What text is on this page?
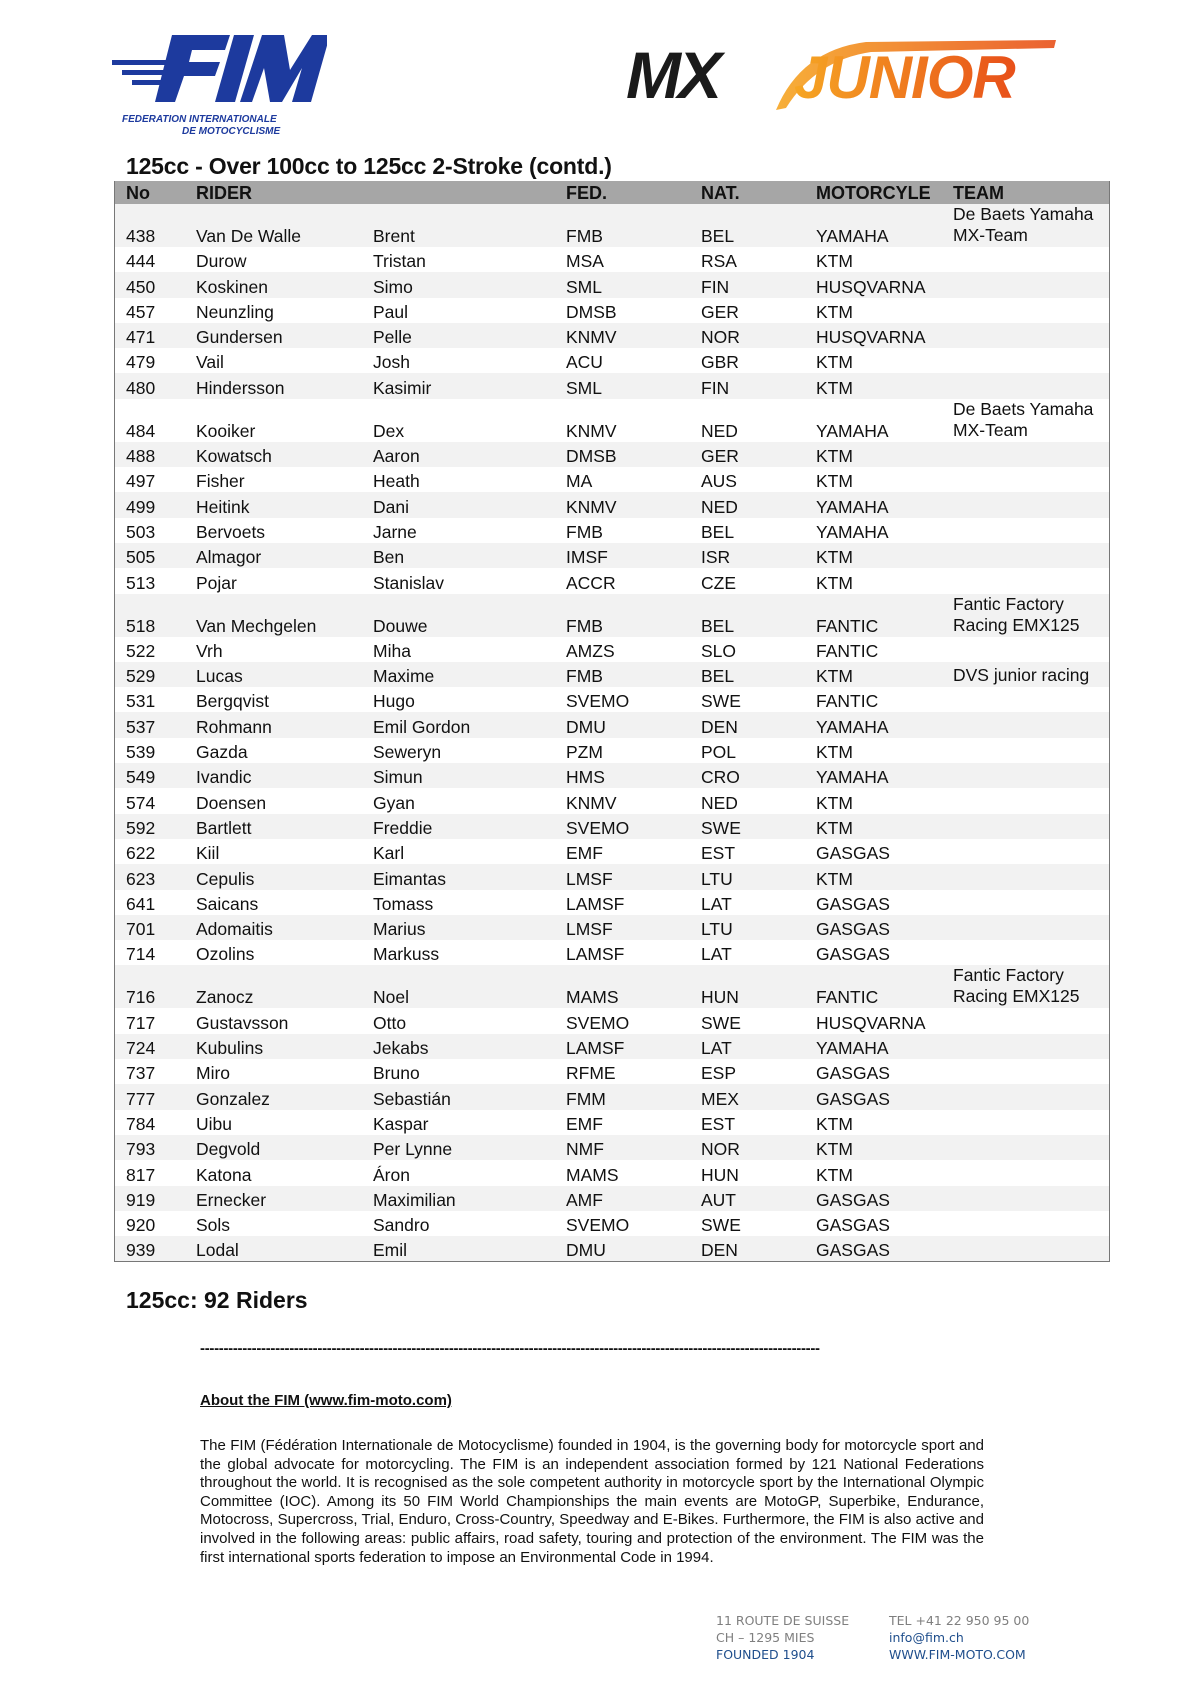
FEDERATION INTERNATIONALE
DE MOTOCYCLISME
MX JUNIOR
125cc - Over 100cc to 125cc 2-Stroke (contd.)
No	RIDER		FED.	NAT.	MOTORCYLE	TEAM
438	Van De Walle	Brent	FMB	BEL	YAMAHA	De Baets Yamaha MX-Team
444	Durow	Tristan	MSA	RSA	KTM	
450	Koskinen	Simo	SML	FIN	HUSQVARNA	
457	Neunzling	Paul	DMSB	GER	KTM	
471	Gundersen	Pelle	KNMV	NOR	HUSQVARNA	
479	Vail	Josh	ACU	GBR	KTM	
480	Hindersson	Kasimir	SML	FIN	KTM	
484	Kooiker	Dex	KNMV	NED	YAMAHA	De Baets Yamaha MX-Team
488	Kowatsch	Aaron	DMSB	GER	KTM	
497	Fisher	Heath	MA	AUS	KTM	
499	Heitink	Dani	KNMV	NED	YAMAHA	
503	Bervoets	Jarne	FMB	BEL	YAMAHA	
505	Almagor	Ben	IMSF	ISR	KTM	
513	Pojar	Stanislav	ACCR	CZE	KTM	
518	Van Mechgelen	Douwe	FMB	BEL	FANTIC	Fantic Factory Racing EMX125
522	Vrh	Miha	AMZS	SLO	FANTIC	
529	Lucas	Maxime	FMB	BEL	KTM	DVS junior racing
531	Bergqvist	Hugo	SVEMO	SWE	FANTIC	
537	Rohmann	Emil Gordon	DMU	DEN	YAMAHA	
539	Gazda	Seweryn	PZM	POL	KTM	
549	Ivandic	Simun	HMS	CRO	YAMAHA	
574	Doensen	Gyan	KNMV	NED	KTM	
592	Bartlett	Freddie	SVEMO	SWE	KTM	
622	Kiil	Karl	EMF	EST	GASGAS	
623	Cepulis	Eimantas	LMSF	LTU	KTM	
641	Saicans	Tomass	LAMSF	LAT	GASGAS	
701	Adomaitis	Marius	LMSF	LTU	GASGAS	
714	Ozolins	Markuss	LAMSF	LAT	GASGAS	
716	Zanocz	Noel	MAMS	HUN	FANTIC	Fantic Factory Racing EMX125
717	Gustavsson	Otto	SVEMO	SWE	HUSQVARNA	
724	Kubulins	Jekabs	LAMSF	LAT	YAMAHA	
737	Miro	Bruno	RFME	ESP	GASGAS	
777	Gonzalez	Sebastián	FMM	MEX	GASGAS	
784	Uibu	Kaspar	EMF	EST	KTM	
793	Degvold	Per Lynne	NMF	NOR	KTM	
817	Katona	Áron	MAMS	HUN	KTM	
919	Ernecker	Maximilian	AMF	AUT	GASGAS	
920	Sols	Sandro	SVEMO	SWE	GASGAS	
939	Lodal	Emil	DMU	DEN	GASGAS	
125cc: 92 Riders
------------------------------------------------------------------------------------------------------------------------------------
About the FIM (www.fim-moto.com)
The FIM (Fédération Internationale de Motocyclisme) founded in 1904, is the governing body for motorcycle sport and the global advocate for motorcycling. The FIM is an independent association formed by 121 National Federations throughout the world. It is recognised as the sole competent authority in motorcycle sport by the International Olympic Committee (IOC). Among its 50 FIM World Championships the main events are MotoGP, Superbike, Endurance, Motocross, Supercross, Trial, Enduro, Cross-Country, Speedway and E-Bikes. Furthermore, the FIM is also active and involved in the following areas: public affairs, road safety, touring and protection of the environment. The FIM was the first international sports federation to impose an Environmental Code in 1994.
11 ROUTE DE SUISSE
CH – 1295 MIES
FOUNDED 1904
TEL +41 22 950 95 00
info@fim.ch
WWW.FIM-MOTO.COM
